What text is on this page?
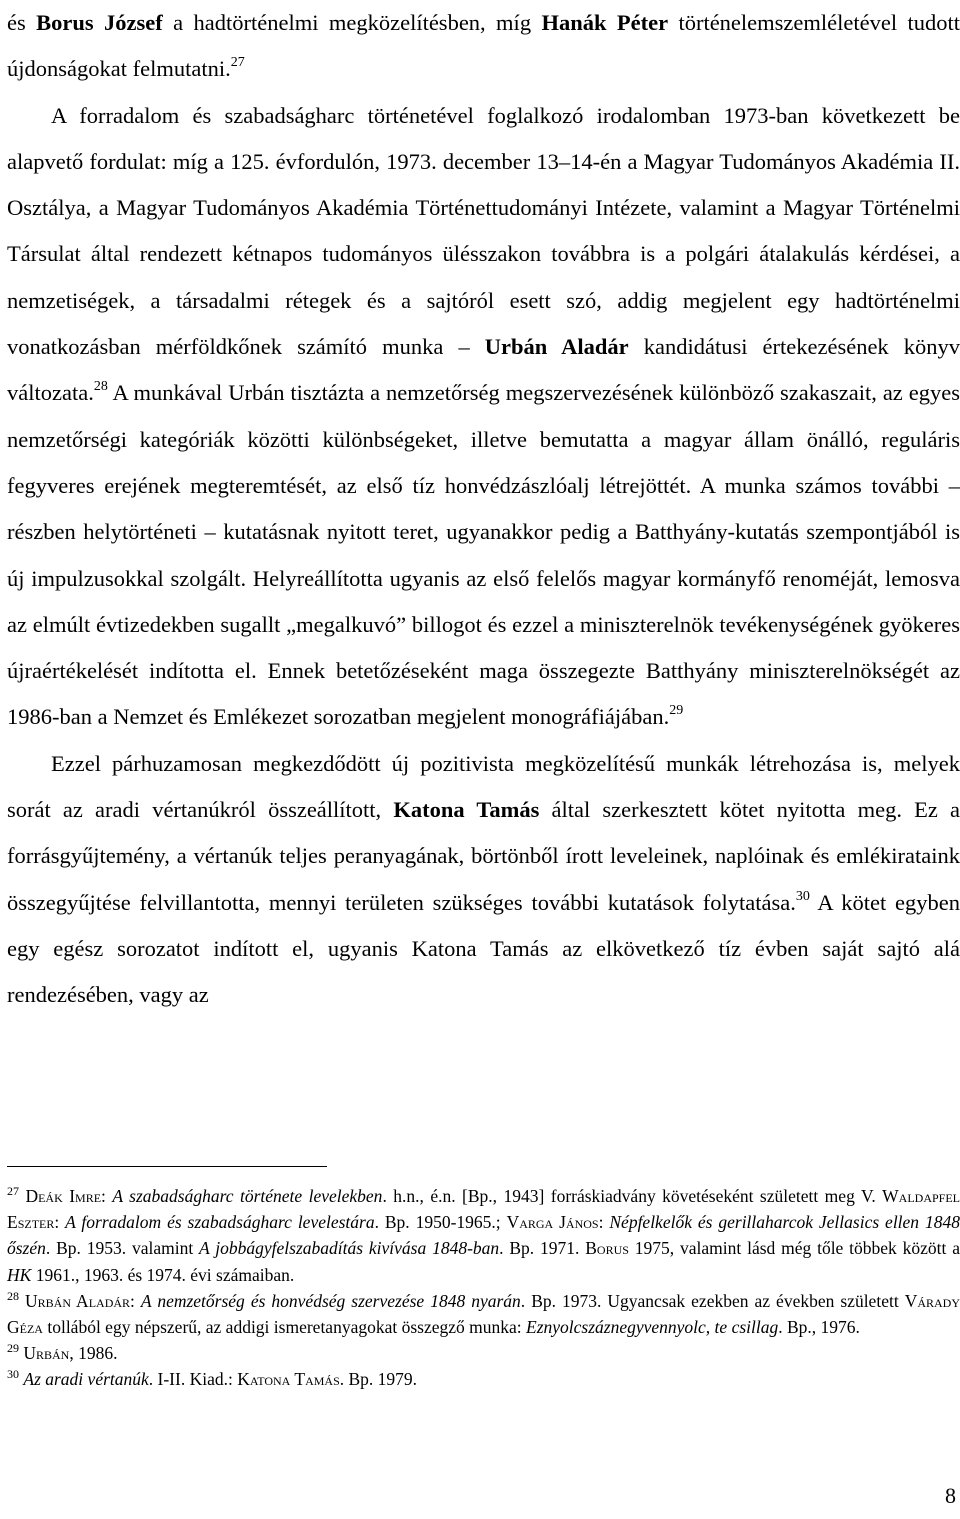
és Borus József a hadtörténelmi megközelítésben, míg Hanák Péter történelemszemléletével tudott újdonságokat felmutatni.$^{27}$

A forradalom és szabadságharc történetével foglalkozó irodalomban 1973-ban következett be alapvető fordulat: míg a 125. évfordulón, 1973. december 13–14-én a Magyar Tudományos Akadémia II. Osztálya, a Magyar Tudományos Akadémia Történettudományi Intézete, valamint a Magyar Történelmi Társulat által rendezett kétnapos tudományos ülésszakon továbbra is a polgári átalakulás kérdései, a nemzetiségek, a társadalmi rétegek és a sajtóról esett szó, addig megjelent egy hadtörténelmi vonatkozásban mérföldkőnek számító munka – Urbán Aladár kandidátusi értekezésének könyv változata.$^{28}$ A munkával Urbán tisztázta a nemzetőrség megszervezésének különböző szakaszait, az egyes nemzetőrségi kategóriák közötti különbségeket, illetve bemutatta a magyar állam önálló, reguláris fegyveres erejének megteremtését, az első tíz honvédzászlóalj létrejöttét. A munka számos további – részben helytörténeti – kutatásnak nyitott teret, ugyanakkor pedig a Batthyány-kutatás szempontjából is új impulzusokkal szolgált. Helyreállította ugyanis az első felelős magyar kormányfő renoméját, lemosva az elmúlt évtizedekben sugallt „megalkuvó” billogot és ezzel a miniszterelnök tevékenységének gyökeres újraértékelését indította el. Ennek betetőzéseként maga összegezte Batthyány miniszterelnökségét az 1986-ban a Nemzet és Emlékezet sorozatban megjelent monográfiájában.$^{29}$

Ezzel párhuzamosan megkezdődött új pozitivista megközelítésű munkák létrehozása is, melyek sorát az aradi vértanúkról összeállított, Katona Tamás által szerkesztett kötet nyitotta meg. Ez a forrásgyűjtemény, a vértanúk teljes peranyagának, börtönből írott leveleinek, naplóinak és emlékirataink összegyűjtése felvillantotta, mennyi területen szükséges további kutatások folytatása.$^{30}$ A kötet egyben egy egész sorozatot indított el, ugyanis Katona Tamás az elkövetkező tíz évben saját sajtó alá rendezésében, vagy az

$^{27}$ Deák Imre: A szabadságharc története levelekben. h.n., é.n. [Bp., 1943] forráskiadvány követéseként született meg V. Waldapfel Eszter: A forradalom és szabadságharc levelestára. Bp. 1950-1965.; Varga János: Népfelkelők és gerillaharcok Jellasics ellen 1848 őszén. Bp. 1953. valamint A jobbágyfelszabadítás kivívása 1848-ban. Bp. 1971. Borus 1975, valamint lásd még tőle többek között a HK 1961., 1963. és 1974. évi számaiban.

$^{28}$ Urbán Aladár: A nemzetőrség és honvédség szervezése 1848 nyarán. Bp. 1973. Ugyancsak ezekben az években született Várady Géza tollából egy népszerű, az addigi ismeretanyagokat összegző munka: Eznyolcszáznegyvennyolc, te csillag. Bp., 1976.

$^{29}$ Urbán, 1986.

$^{30}$ Az aradi vértanúk. I-II. Kiad.: Katona Tamás. Bp. 1979.

8
